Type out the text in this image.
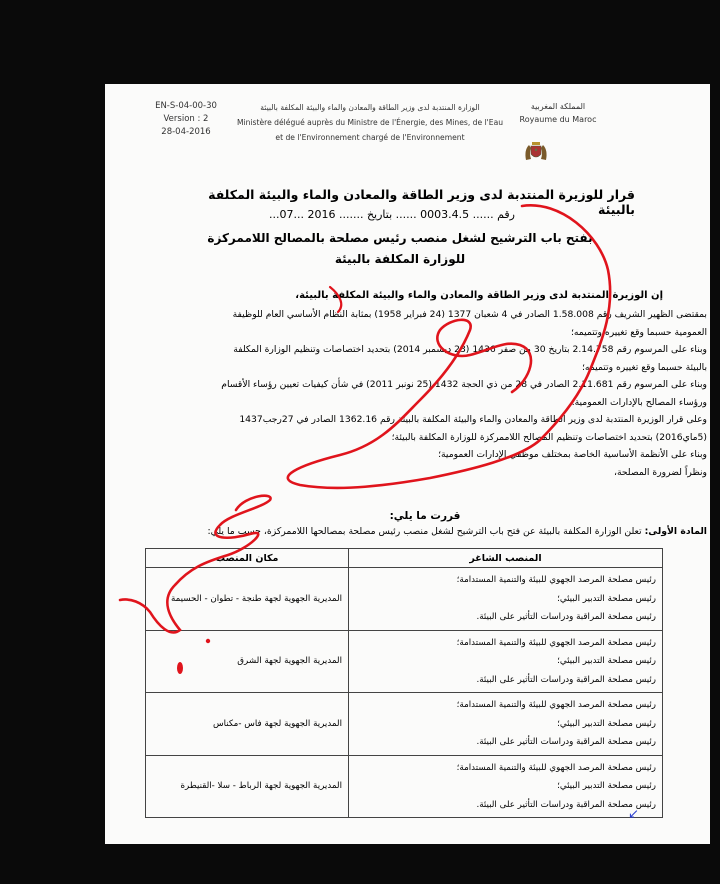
EN-S-04-00-30
Version : 2
28-04-2016
الوزارة المنتدبة لدى وزير الطاقة والمعادن والماء والبيئة المكلفة بالبيئة
Ministère délégué auprès du Ministre de l'Énergie, des Mines, de l'Eau
et de l'Environnement chargé de l'Environnement
المملكة المغربية
Royaume du Maroc
قرار للوزيرة المنتدبة لدى وزير الطاقة والمعادن والماء والبيئة المكلفة بالبيئة
رقم ...... 0003.4.5 ...... بتاريخ ....... 2016 ...07...
بفتح باب الترشيح لشغل منصب رئيس مصلحة بالمصالح اللاممركزة
للوزارة المكلفة بالبيئة
إن الوزيرة المنتدبة لدى وزير الطاقة والمعادن والماء والبيئة المكلفة بالبيئة،
بمقتضى الظهير الشريف رقم 1.58.008 الصادر في 4 شعبان 1377 (24 فبراير 1958) بمثابة النظام الأساسي العام للوظيفة
العمومية حسبما وقع تغييره وتتميمه؛
وبناء على المرسوم رقم 2.14.758 بتاريخ 30 من صفر 1436 (23 ديسمبر 2014) بتحديد اختصاصات وتنظيم الوزارة المكلفة
بالبيئة حسبما وقع تغييره وتتميمه؛
وبناء على المرسوم رقم 2.11.681 الصادر في 28 من ذي الحجة 1432 (25 نونبر 2011) في شأن كيفيات تعيين رؤساء الأقسام
ورؤساء المصالح بالإدارات العمومية؛
وعلى قرار الوزيرة المنتدبة لدى وزير الطاقة والمعادن والماء والبيئة المكلفة بالبيئة رقم 1362.16 الصادر في 27رجب1437
(5ماي2016) بتحديد اختصاصات وتنظيم المصالح اللاممركزة للوزارة المكلفة بالبيئة؛
وبناء على الأنظمة الأساسية الخاصة بمختلف موظفي الإدارات العمومية؛
ونظراً لضرورة المصلحة،
قررت ما يلي:
المادة الأولى: تعلن الوزارة المكلفة بالبيئة عن فتح باب الترشيح لشغل منصب رئيس مصلحة بمصالحها اللاممركزة، حسب ما يلي:
المنصب الشاغر	مكان المنصب

رئيس مصلحة المرصد الجهوي للبيئة والتنمية المستدامة؛
رئيس مصلحة التدبير البيئي؛
رئيس مصلحة المراقبة ودراسات التأثير على البيئة.	المديرية الجهوية لجهة طنجة - تطوان - الحسيمة

رئيس مصلحة المرصد الجهوي للبيئة والتنمية المستدامة؛
رئيس مصلحة التدبير البيئي؛
رئيس مصلحة المراقبة ودراسات التأثير على البيئة.	المديرية الجهوية لجهة الشرق

رئيس مصلحة المرصد الجهوي للبيئة والتنمية المستدامة؛
رئيس مصلحة التدبير البيئي؛
رئيس مصلحة المراقبة ودراسات التأثير على البيئة.	المديرية الجهوية لجهة فاس -مكناس

رئيس مصلحة المرصد الجهوي للبيئة والتنمية المستدامة؛
رئيس مصلحة التدبير البيئي؛
رئيس مصلحة المراقبة ودراسات التأثير على البيئة.	المديرية الجهوية لجهة الرباط - سلا -القنيطرة
↙
